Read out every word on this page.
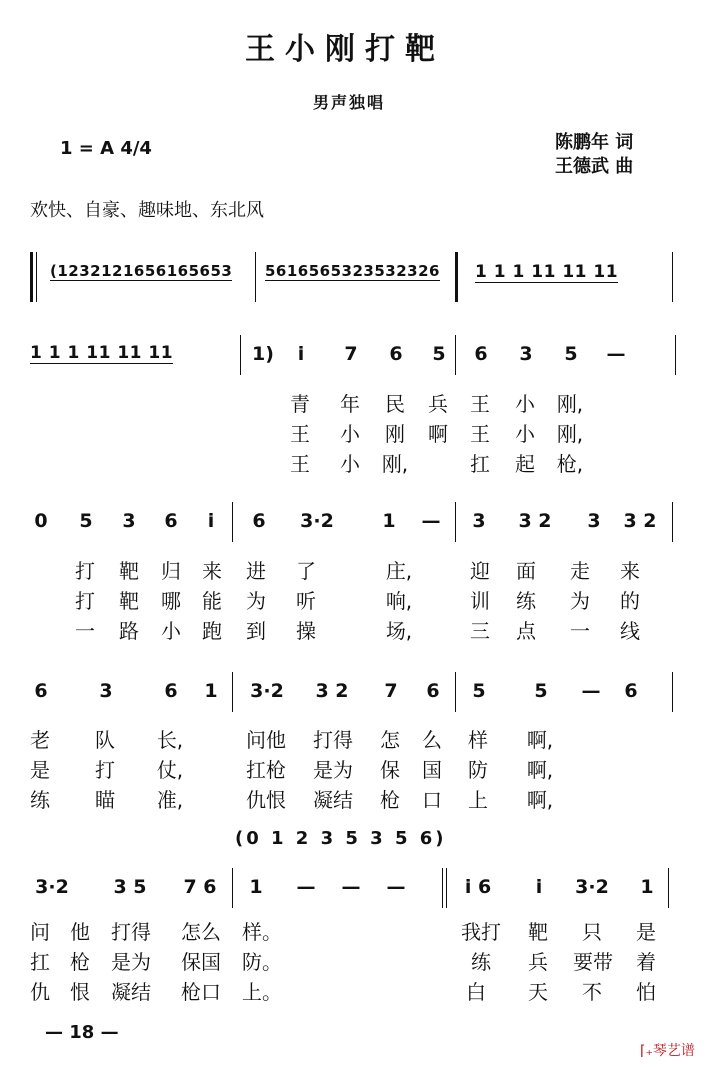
王小刚打靶
男声独唱
1 = A 4/4	陈鹏年 词
王德武 曲
欢快、自豪、趣味地、东北风
(1232121656165653 5616565323532326 1 1 1 11 11 11
1 1 1 11 11 11	1)	i	7 6 5 6 3 5 —
青 年 民 兵 王 小 刚,
王 小 刚 啊 王 小 刚,
王 小 刚,	扛 起 枪,
0 5 3 6	i	6	3·2	1 — 3 3 2 3 3 2
打 靶 归 来 进 了	庄,	迎 面 走 来
打 靶 哪 能 为 听	响,	训 练 为 的
一 路 小 跑 到 操	场,	三 点 一 线
6	3	6 1 3·2 3 2 7 6 5	5 — 6
老 队 长,	问他 打得 怎 么 样 啊,
是 打 仗,	扛枪 是为 保 国 防 啊,
练 瞄 准,	仇恨 凝结 枪 口 上 啊,
(0 1 2 3 5 3 5 6)
3·2 3 5 7 6 1 — — —	i 6	i	3·2 1
问 他 打得 怎么 样。	我打 靶 只 是
扛 枪 是为 保国 防。	练	兵 要带 着
仇 恨 凝结 枪口 上。	白 天 不 怕
— 18 —
⌈₊琴艺谱
